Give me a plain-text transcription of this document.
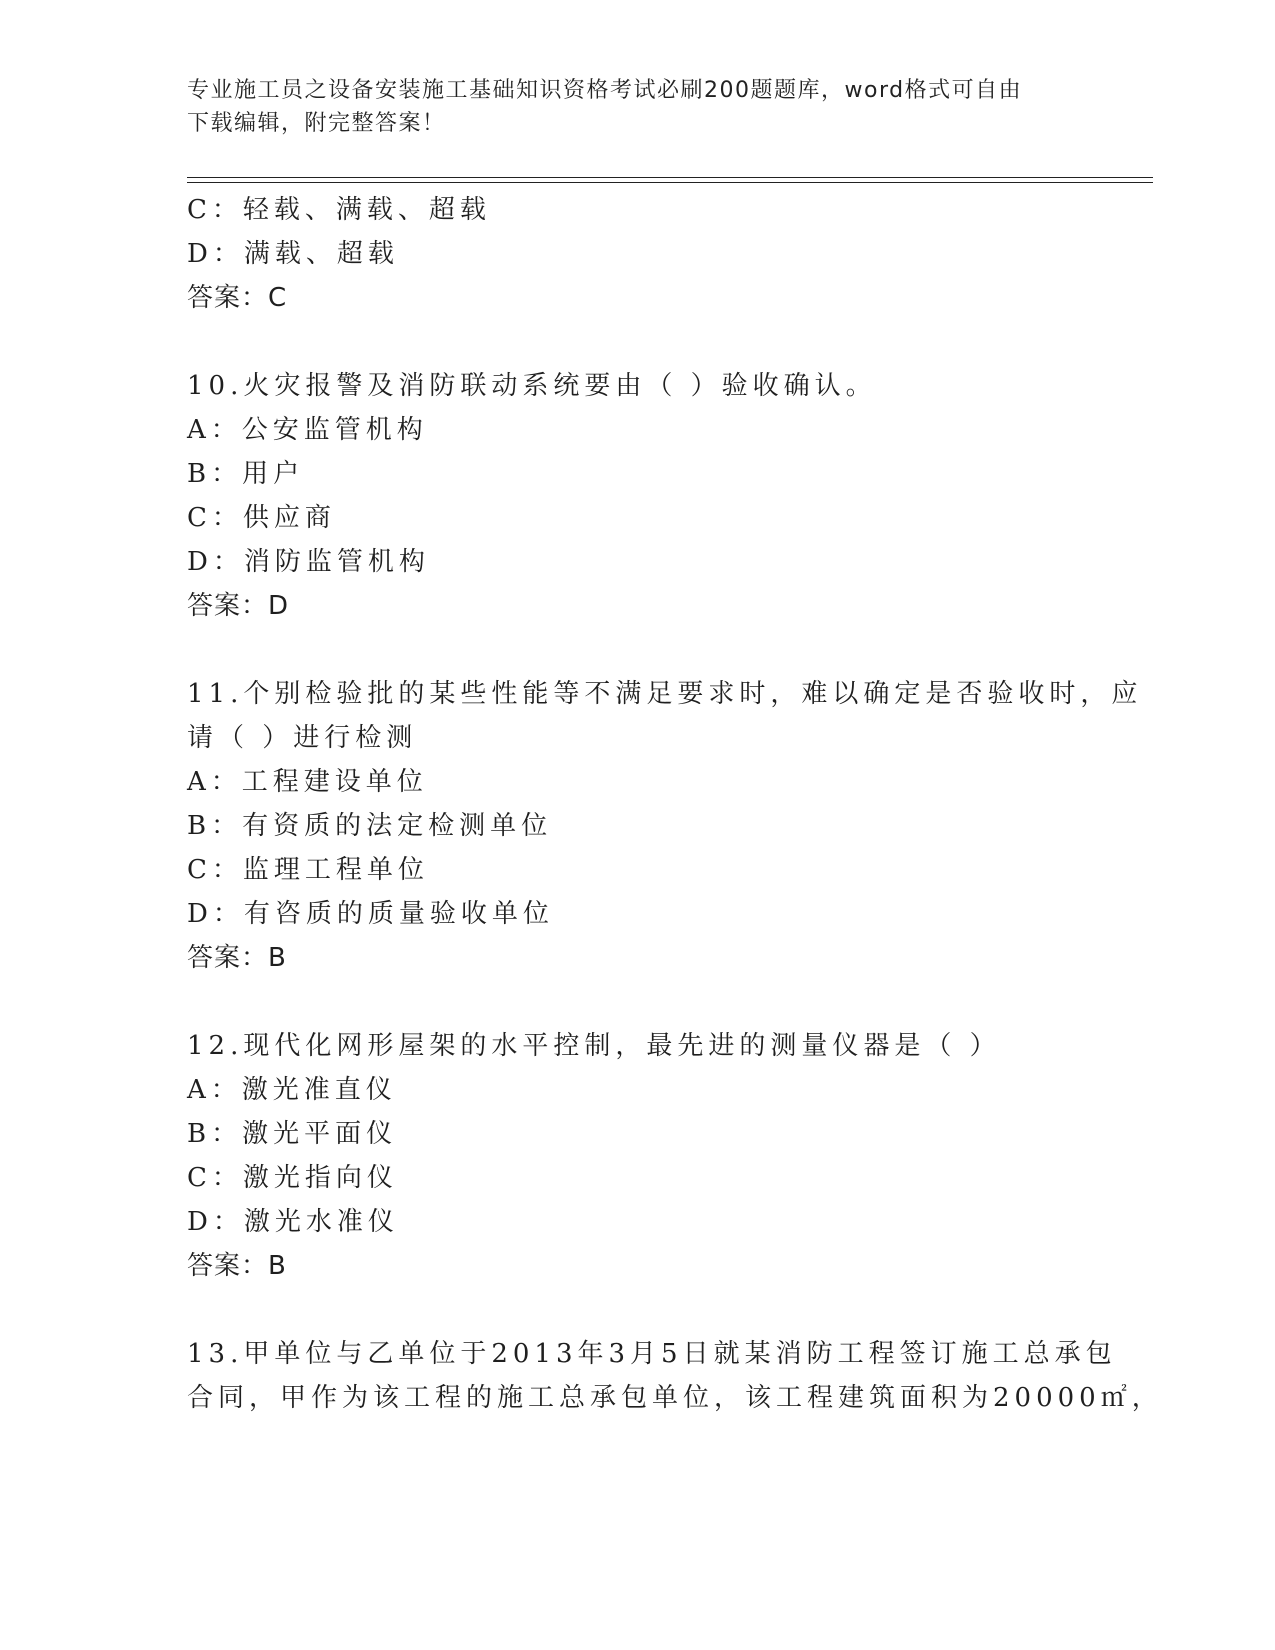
专业施工员之设备安装施工基础知识资格考试必刷200题题库，word格式可自由
下载编辑，附完整答案！
C：轻载、满载、超载
D：满载、超载
答案：C
10.火灾报警及消防联动系统要由（ ）验收确认。
A：公安监管机构
B：用户
C：供应商
D：消防监管机构
答案：D
11.个别检验批的某些性能等不满足要求时，难以确定是否验收时，应
请（ ）进行检测
A：工程建设单位
B：有资质的法定检测单位
C：监理工程单位
D：有咨质的质量验收单位
答案：B
12.现代化网形屋架的水平控制，最先进的测量仪器是（ ）
A：激光准直仪
B：激光平面仪
C：激光指向仪
D：激光水准仪
答案：B
13.甲单位与乙单位于2013年3月5日就某消防工程签订施工总承包
合同，甲作为该工程的施工总承包单位，该工程建筑面积为20000㎡，
